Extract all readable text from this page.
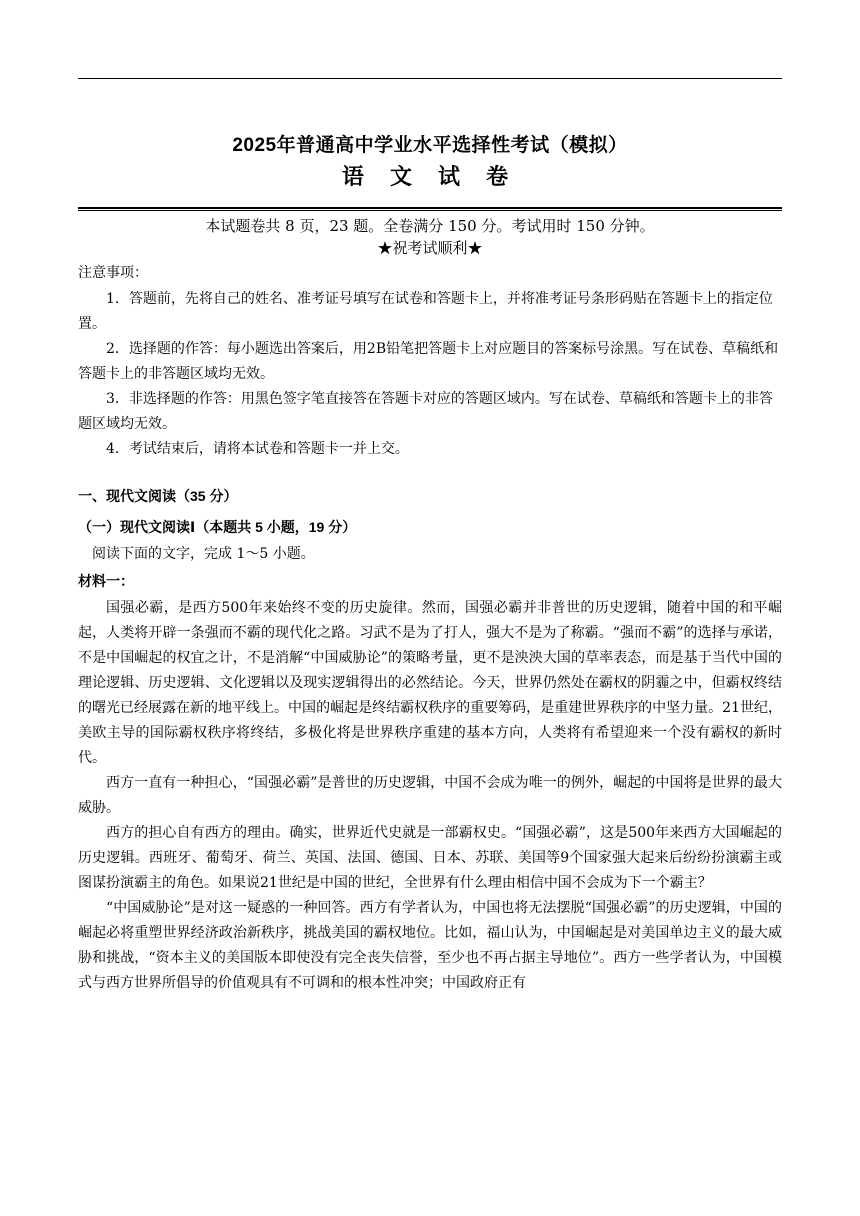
2025年普通高中学业水平选择性考试（模拟）
语 文 试 卷
本试题卷共 8 页，23 题。全卷满分 150 分。考试用时 150 分钟。
★祝考试顺利★
注意事项：

1．答题前，先将自己的姓名、准考证号填写在试卷和答题卡上，并将准考证号条形码贴在答题卡上的指定位置。

2．选择题的作答：每小题选出答案后，用2B铅笔把答题卡上对应题目的答案标号涂黑。写在试卷、草稿纸和答题卡上的非答题区域均无效。

3．非选择题的作答：用黑色签字笔直接答在答题卡对应的答题区域内。写在试卷、草稿纸和答题卡上的非答题区域均无效。

4．考试结束后，请将本试卷和答题卡一并上交。

一、现代文阅读（35 分）
（一）现代文阅读Ⅰ（本题共 5 小题，19 分）
阅读下面的文字，完成 1～5 小题。
材料一：

国强必霸，是西方500年来始终不变的历史旋律。然而，国强必霸并非普世的历史逻辑，随着中国的和平崛起，人类将开辟一条强而不霸的现代化之路。习武不是为了打人，强大不是为了称霸。“强而不霸”的选择与承诺，不是中国崛起的权宜之计，不是消解“中国威胁论”的策略考量，更不是泱泱大国的草率表态，而是基于当代中国的理论逻辑、历史逻辑、文化逻辑以及现实逻辑得出的必然结论。今天，世界仍然处在霸权的阴霾之中，但霸权终结的曙光已经展露在新的地平线上。中国的崛起是终结霸权秩序的重要筹码，是重建世界秩序的中坚力量。21世纪，美欧主导的国际霸权秩序将终结，多极化将是世界秩序重建的基本方向，人类将有希望迎来一个没有霸权的新时代。

西方一直有一种担心，“国强必霸”是普世的历史逻辑，中国不会成为唯一的例外，崛起的中国将是世界的最大威胁。

西方的担心自有西方的理由。确实，世界近代史就是一部霸权史。“国强必霸”，这是500年来西方大国崛起的历史逻辑。西班牙、葡萄牙、荷兰、英国、法国、德国、日本、苏联、美国等9个国家强大起来后纷纷扮演霸主或图谋扮演霸主的角色。如果说21世纪是中国的世纪，全世界有什么理由相信中国不会成为下一个霸主？

“中国威胁论”是对这一疑惑的一种回答。西方有学者认为，中国也将无法摆脱“国强必霸”的历史逻辑，中国的崛起必将重塑世界经济政治新秩序，挑战美国的霸权地位。比如，福山认为，中国崛起是对美国单边主义的最大威胁和挑战，“资本主义的美国版本即使没有完全丧失信誉，至少也不再占据主导地位”。西方一些学者认为，中国模式与西方世界所倡导的价值观具有不可调和的根本性冲突；中国政府正有
